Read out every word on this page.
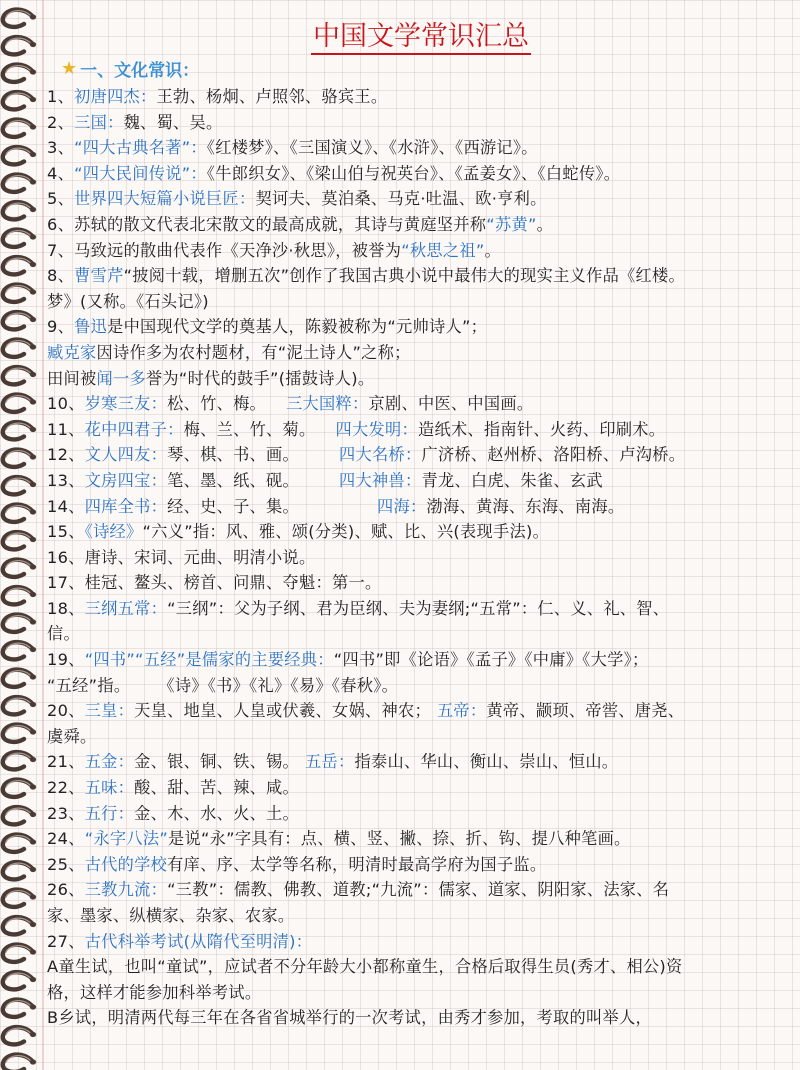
中国文学常识汇总
★ 一、文化常识：
1、初唐四杰：王勃、杨炯、卢照邻、骆宾王。
2、三国：魏、蜀、吴。
3、“四大古典名著”：《红楼梦》、《三国演义》、《水浒》、《西游记》。
4、“四大民间传说”：《牛郎织女》、《梁山伯与祝英台》、《孟姜女》、《白蛇传》。
5、世界四大短篇小说巨匠：契诃夫、莫泊桑、马克·吐温、欧·亨利。
6、苏轼的散文代表北宋散文的最高成就，其诗与黄庭坚并称“苏黄”。
7、马致远的散曲代表作《天净沙·秋思》，被誉为“秋思之祖”。
8、曹雪芹“披阅十载，增删五次”创作了我国古典小说中最伟大的现实主义作品《红楼。
梦》(又称。《石头记》)
9、鲁迅是中国现代文学的奠基人，陈毅被称为“元帅诗人”；
臧克家因诗作多为农村题材，有“泥土诗人”之称；
田间被闻一多誉为“时代的鼓手”(擂鼓诗人)。
10、岁寒三友：松、竹、梅。 三大国粹：京剧、中医、中国画。
11、花中四君子：梅、兰、竹、菊。 四大发明：造纸术、指南针、火药、印刷术。
12、文人四友：琴、棋、书、画。 四大名桥：广济桥、赵州桥、洛阳桥、卢沟桥。
13、文房四宝：笔、墨、纸、砚。 四大神兽：青龙、白虎、朱雀、玄武
14、四库全书：经、史、子、集。	四海：渤海、黄海、东海、南海。
15、《诗经》“六义”指：风、雅、颂(分类)、赋、比、兴(表现手法)。
16、唐诗、宋词、元曲、明清小说。
17、桂冠、鳌头、榜首、问鼎、夺魁：第一。
18、三纲五常：“三纲”：父为子纲、君为臣纲、夫为妻纲;“五常”：仁、义、礼、智、
信。
19、“四书”“五经”是儒家的主要经典：“四书”即《论语》《孟子》《中庸》《大学》；
“五经”指。 《诗》《书》《礼》《易》《春秋》。
20、三皇：天皇、地皇、人皇或伏羲、女娲、神农； 五帝：黄帝、颛顼、帝喾、唐尧、
虞舜。
21、五金：金、银、铜、铁、锡。 五岳：指泰山、华山、衡山、崇山、恒山。
22、五味：酸、甜、苦、辣、咸。
23、五行：金、木、水、火、土。
24、“永字八法”是说“永”字具有：点、横、竖、撇、捺、折、钩、提八种笔画。
25、古代的学校有庠、序、太学等名称，明清时最高学府为国子监。
26、三教九流：“三教”：儒教、佛教、道教;“九流”：儒家、道家、阴阳家、法家、名
家、墨家、纵横家、杂家、农家。
27、古代科举考试(从隋代至明清)：
A童生试，也叫“童试”，应试者不分年龄大小都称童生，合格后取得生员(秀才、相公)资
格，这样才能参加科举考试。
B乡试，明清两代每三年在各省省城举行的一次考试，由秀才参加，考取的叫举人，
